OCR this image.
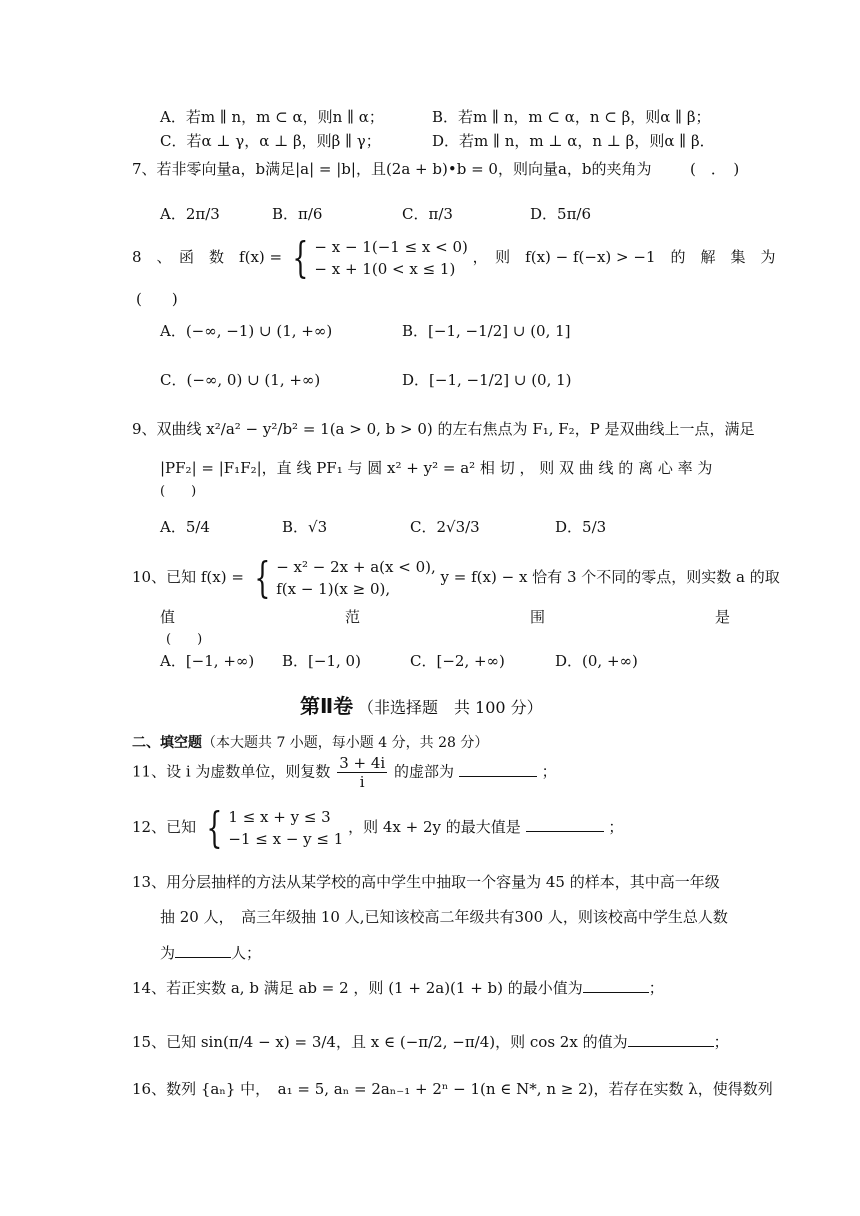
A．若m ∥ n，m ⊂ α，则n ∥ α；	B．若m ∥ n，m ⊂ α，n ⊂ β，则α ∥ β；
C．若α ⊥ γ，α ⊥ β，则β ∥ γ；	D．若m ∥ n，m ⊥ α，n ⊥ β，则α ∥ β．
7、若非零向量a，b满足|a| = |b|，且(2a + b)•b = 0，则向量a，b的夹角为	(　．　)
A．2π/3	B．π/6	C．π/3	D．5π/6
8　、　函　数　f(x) = { − x − 1(−1 ≤ x < 0)
− x + 1(0 < x ≤ 1)
，　则　f(x) − f(−x) > −1　的　解　集　为
(　　)
A．(−∞, −1) ∪ (1, +∞)	B．[−1, −1/2] ∪ (0, 1]
C．(−∞, 0) ∪ (1, +∞)	D．[−1, −1/2] ∪ (0, 1)
9、双曲线 x²/a² − y²/b² = 1(a > 0, b > 0) 的左右焦点为 F₁, F₂，P 是双曲线上一点，满足
|PF₂| = |F₁F₂|，直 线 PF₁ 与 圆 x² + y² = a² 相 切 ， 则 双 曲 线 的 离 心 率 为
(　　)
A．5/4	B．√3	C．2√3/3	D．5/3
10、已知 f(x) = { − x² − 2x + a(x < 0),
f(x − 1)(x ≥ 0),
y = f(x) − x 恰有 3 个不同的零点，则实数 a 的取
值	范	围	是
(　　)
A．[−1, +∞) B．[−1, 0)	C．[−2, +∞)	D．(0, +∞)
第Ⅱ卷 （非选择题　共 100 分）
二、填空题（本大题共 7 小题，每小题 4 分，共 28 分）
11、设 i 为虚数单位，则复数 $\frac{3 + 4i}{i}$ 的虚部为	；
12、已知 { 1 ≤ x + y ≤ 3
−1 ≤ x − y ≤ 1
，则 4x + 2y 的最大值是	；
13、用分层抽样的方法从某学校的高中学生中抽取一个容量为 45 的样本，其中高一年级
抽 20 人，　高三年级抽 10 人,已知该校高二年级共有300 人，则该校高中学生总人数
为	人；
14、若正实数 a, b 满足 ab = 2 ，则 (1 + 2a)(1 + b) 的最小值为	；
15、已知 sin(π/4 − x) = 3/4，且 x ∈ (−π/2, −π/4)，则 cos 2x 的值为	；
16、数列 {aₙ} 中，　a₁ = 5, aₙ = 2aₙ₋₁ + 2ⁿ − 1(n ∈ N*, n ≥ 2)，若存在实数 λ，使得数列
